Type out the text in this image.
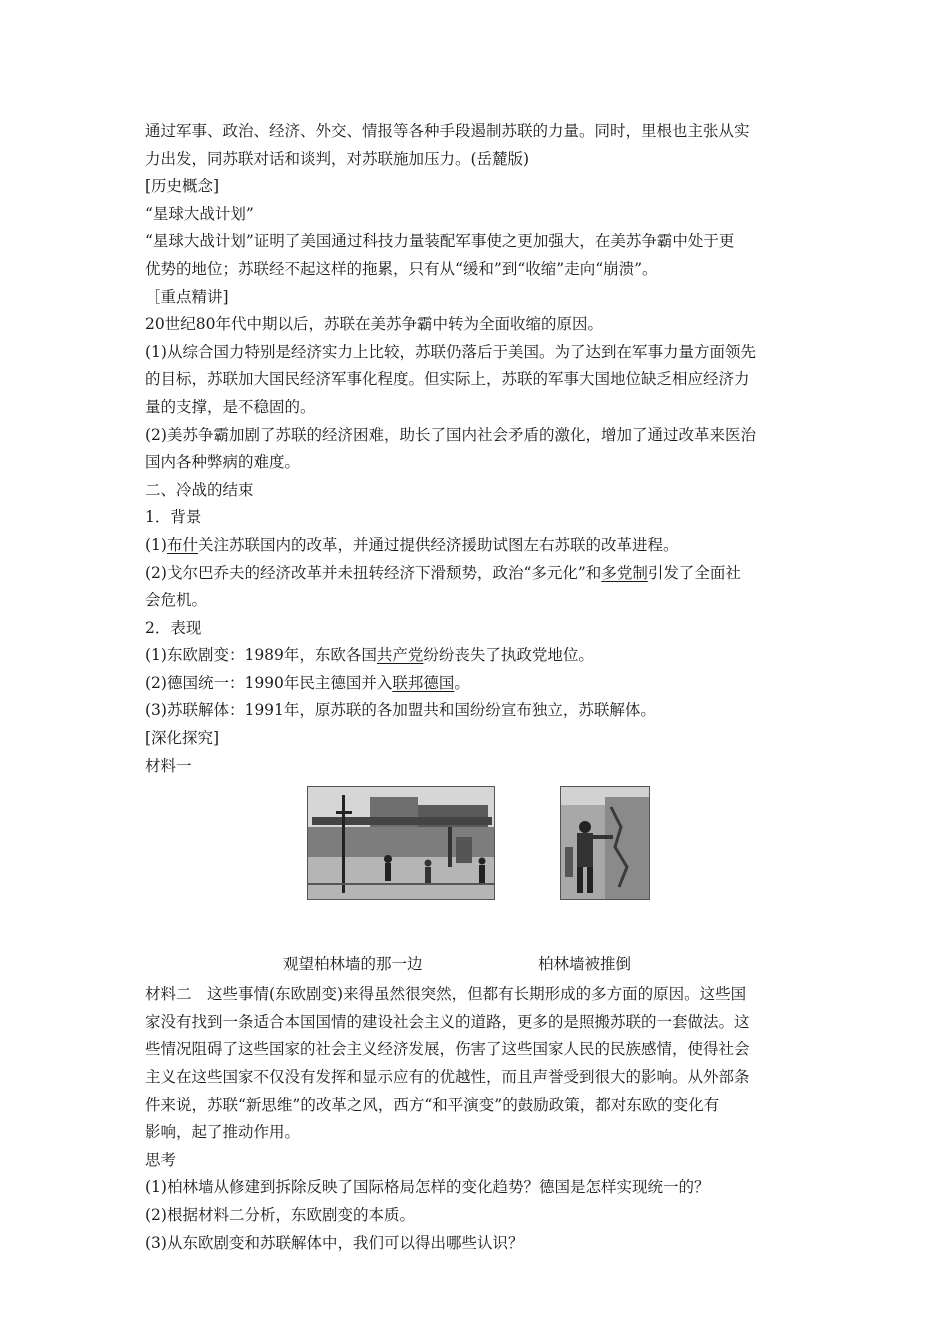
通过军事、政治、经济、外交、情报等各种手段遏制苏联的力量。同时，里根也主张从实

力出发，同苏联对话和谈判，对苏联施加压力。(岳麓版)

[历史概念]

“星球大战计划”

“星球大战计划”证明了美国通过科技力量装配军事使之更加强大，在美苏争霸中处于更

优势的地位；苏联经不起这样的拖累，只有从“缓和”到“收缩”走向“崩溃”。

［重点精讲]

20世纪80年代中期以后，苏联在美苏争霸中转为全面收缩的原因。

(1)从综合国力特别是经济实力上比较，苏联仍落后于美国。为了达到在军事力量方面领先

的目标，苏联加大国民经济军事化程度。但实际上，苏联的军事大国地位缺乏相应经济力

量的支撑，是不稳固的。

(2)美苏争霸加剧了苏联的经济困难，助长了国内社会矛盾的激化，增加了通过改革来医治

国内各种弊病的难度。

二、冷战的结束

1．背景

(1)布什关注苏联国内的改革，并通过提供经济援助试图左右苏联的改革进程。

(2)戈尔巴乔夫的经济改革并未扭转经济下滑颓势，政治“多元化”和多党制引发了全面社

会危机。

2．表现

(1)东欧剧变：1989年，东欧各国共产党纷纷丧失了执政党地位。

(2)德国统一：1990年民主德国并入联邦德国。

(3)苏联解体：1991年，原苏联的各加盟共和国纷纷宣布独立，苏联解体。

[深化探究]

材料一

观望柏林墙的那一边	柏林墙被推倒

材料二　这些事情(东欧剧变)来得虽然很突然，但都有长期形成的多方面的原因。这些国

家没有找到一条适合本国国情的建设社会主义的道路，更多的是照搬苏联的一套做法。这

些情况阻碍了这些国家的社会主义经济发展，伤害了这些国家人民的民族感情，使得社会

主义在这些国家不仅没有发挥和显示应有的优越性，而且声誉受到很大的影响。从外部条

件来说，苏联“新思维”的改革之风，西方“和平演变”的鼓励政策，都对东欧的变化有

影响，起了推动作用。

思考

(1)柏林墙从修建到拆除反映了国际格局怎样的变化趋势？德国是怎样实现统一的？

(2)根据材料二分析，东欧剧变的本质。

(3)从东欧剧变和苏联解体中，我们可以得出哪些认识？
